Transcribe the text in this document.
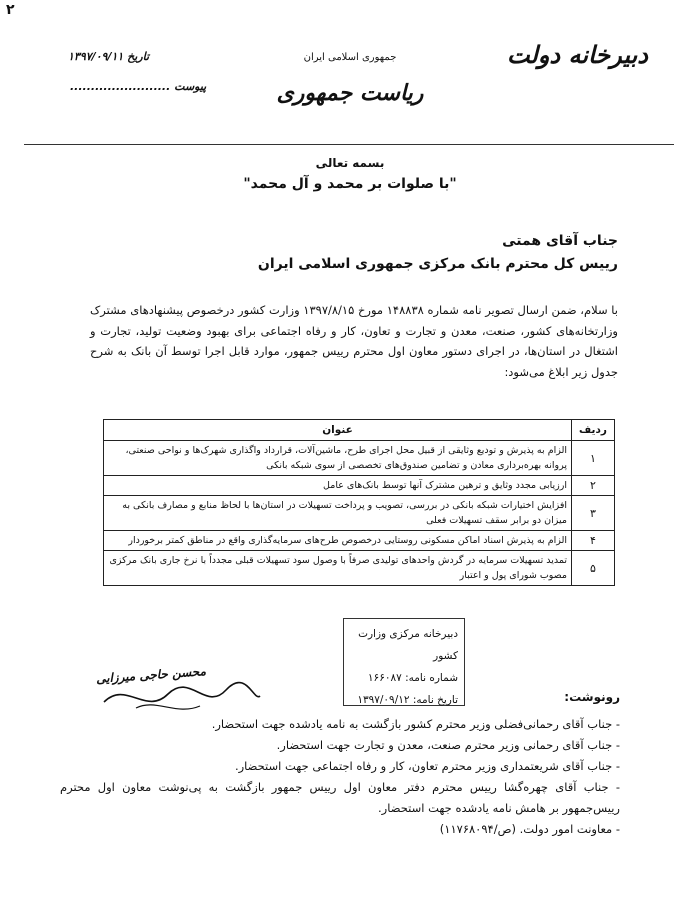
۲
دبیرخانه دولت
جمهوری اسلامی ایران
ریاست جمهوری
تاریخ ۱۳۹۷/۰۹/۱۱
پیوست ........................
بسمه تعالی
"با صلوات بر محمد و آل محمد"
جناب آقای همتی
رییس کل محترم بانک مرکزی جمهوری اسلامی ایران
با سلام، ضمن ارسال تصویر نامه شماره ۱۴۸۸۳۸ مورخ ۱۳۹۷/۸/۱۵ وزارت کشور درخصوص پیشنهادهای مشترک وزارتخانه‌های کشور، صنعت، معدن و تجارت و تعاون، کار و رفاه اجتماعی برای بهبود وضعیت تولید، تجارت و اشتغال در استان‌ها، در اجرای دستور معاون اول محترم رییس جمهور، موارد قابل اجرا توسط آن بانک به شرح جدول زیر ابلاغ می‌شود:
ردیف	عنوان
۱	الزام به پذیرش و تودیع وثایقی از قبیل محل اجرای طرح، ماشین‌آلات، قرارداد واگذاری شهرک‌ها و نواحی صنعتی، پروانه بهره‌برداری معادن و تضامین صندوق‌های تخصصی از سوی شبکه بانکی
۲	ارزیابی مجدد وثایق و ترهین مشترک آنها توسط بانک‌های عامل
۳	افزایش اختیارات شبکه بانکی در بررسی، تصویب و پرداخت تسهیلات در استان‌ها با لحاظ منابع و مصارف بانکی به میزان دو برابر سقف تسهیلات فعلی
۴	الزام به پذیرش اسناد اماکن مسکونی روستایی درخصوص طرح‌های سرمایه‌گذاری واقع در مناطق کمتر برخوردار
۵	تمدید تسهیلات سرمایه در گردش واحدهای تولیدی صرفاً با وصول سود تسهیلات قبلی مجدداً با نرخ جاری بانک مرکزی مصوب شورای پول و اعتبار
دبیرخانه مرکزی وزارت کشور
شماره نامه: ۱۶۶۰۸۷
تاریخ نامه: ۱۳۹۷/۰۹/۱۲
محسن حاجی میرزایی
رونوشت:
- جناب آقای رحمانی‌فضلی وزیر محترم کشور بازگشت به نامه یادشده جهت استحضار.
- جناب آقای رحمانی وزیر محترم صنعت، معدن و تجارت جهت استحضار.
- جناب آقای شریعتمداری وزیر محترم تعاون، کار و رفاه اجتماعی جهت استحضار.
- جناب آقای چهره‌گشا رییس محترم دفتر معاون اول رییس جمهور بازگشت به پی‌نوشت معاون اول محترم رییس‌جمهور بر هامش نامه یادشده جهت استحضار.
- معاونت امور دولت. (ص/۱۱۷۶۸۰۹۴)
